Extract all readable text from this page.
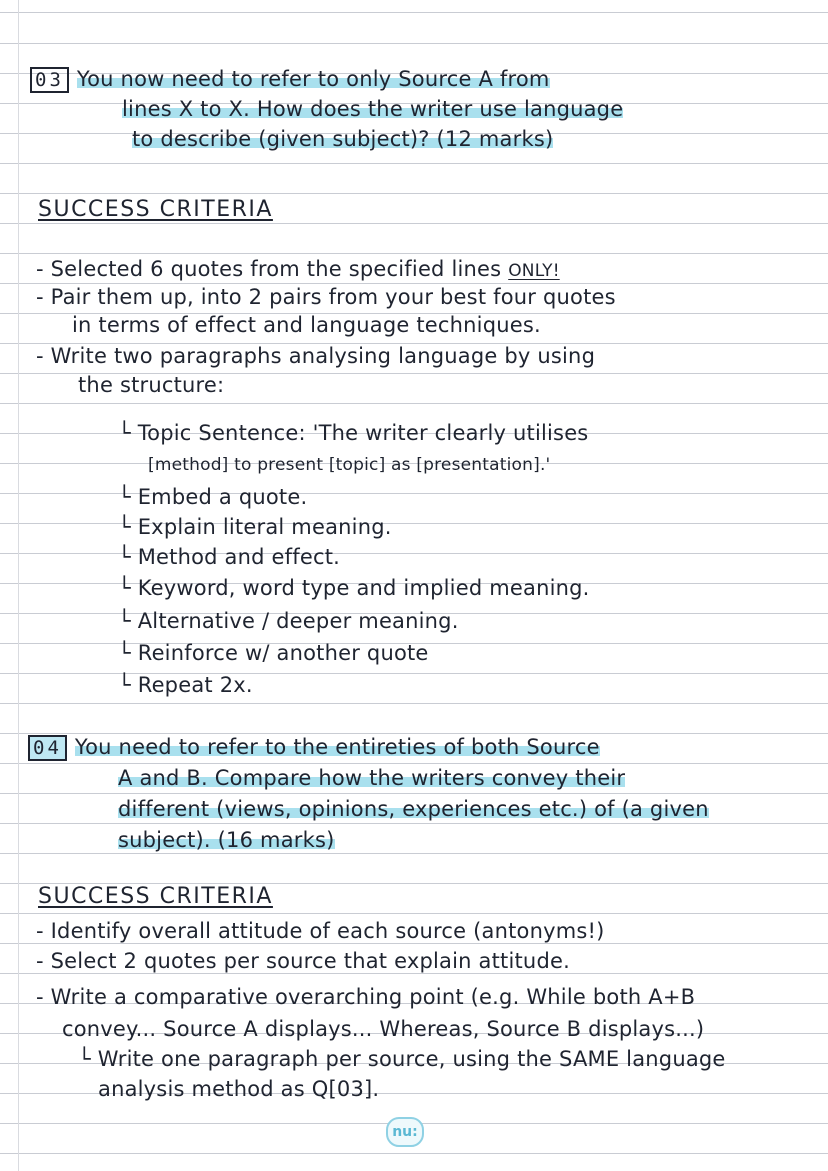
03 You now need to refer to only Source A from
lines X to X. How does the writer use language
to describe (given subject)? (12 marks)
SUCCESS CRITERIA
- Selected 6 quotes from the specified lines ONLY!
- Pair them up, into 2 pairs from your best four quotes
in terms of effect and language techniques.
- Write two paragraphs analysing language by using
the structure:
└ Topic Sentence: 'The writer clearly utilises
[method] to present [topic] as [presentation].'
└ Embed a quote.
└ Explain literal meaning.
└ Method and effect.
└ Keyword, word type and implied meaning.
└ Alternative / deeper meaning.
└ Reinforce w/ another quote
└ Repeat 2x.
04 You need to refer to the entireties of both Source
A and B. Compare how the writers convey their
different (views, opinions, experiences etc.) of (a given
subject). (16 marks)
SUCCESS CRITERIA
- Identify overall attitude of each source (antonyms!)
- Select 2 quotes per source that explain attitude.
- Write a comparative overarching point (e.g. While both A+B
convey... Source A displays... Whereas, Source B displays...)
└ Write one paragraph per source, using the SAME language
analysis method as Q[03].
nu:
